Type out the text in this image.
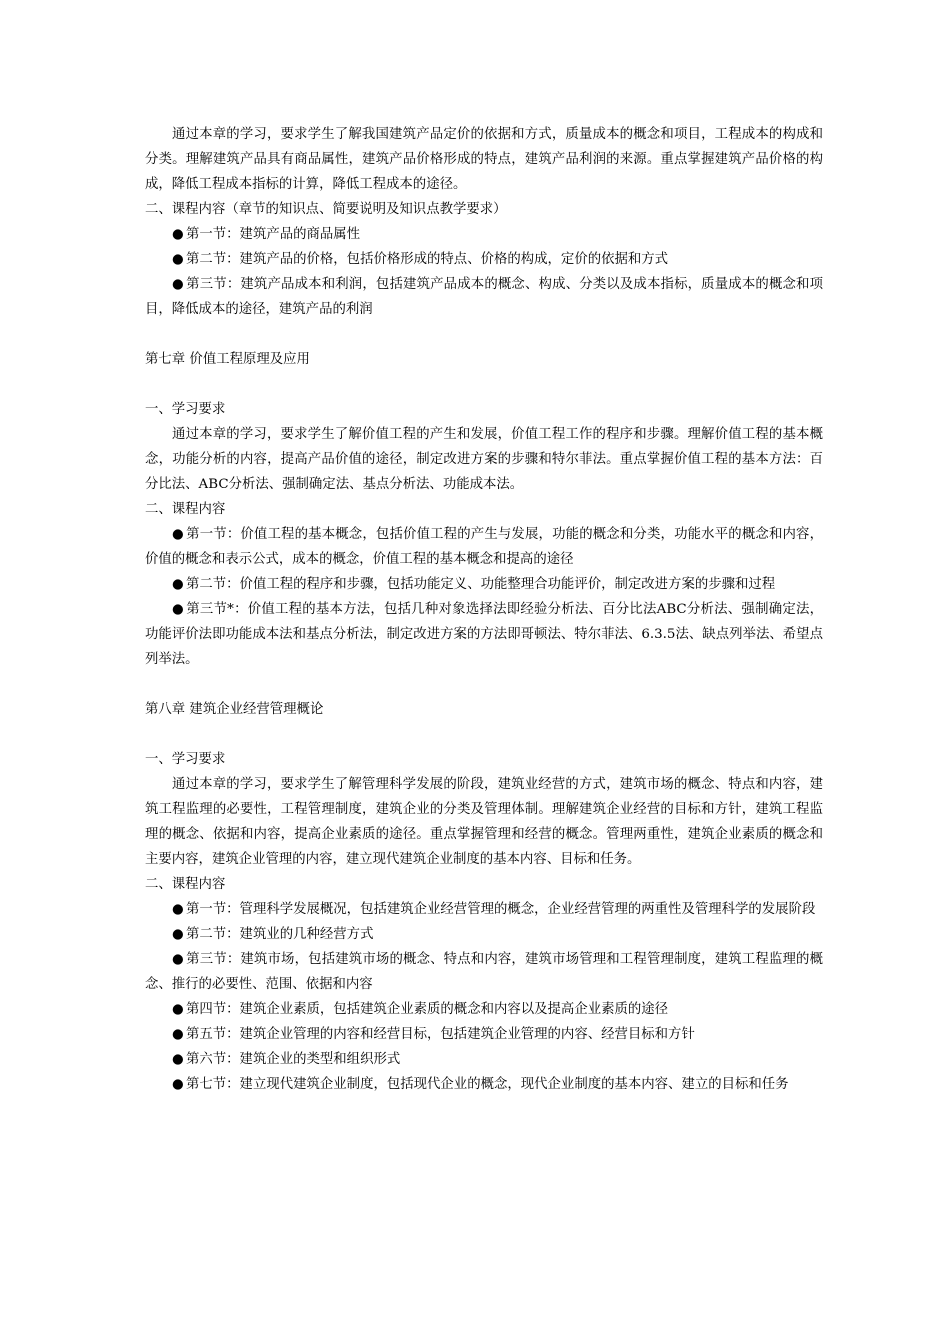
通过本章的学习，要求学生了解我国建筑产品定价的依据和方式，质量成本的概念和项目，工程成本的构成和分类。理解建筑产品具有商品属性，建筑产品价格形成的特点，建筑产品利润的来源。重点掌握建筑产品价格的构成，降低工程成本指标的计算，降低工程成本的途径。

二、课程内容（章节的知识点、简要说明及知识点教学要求）

● 第一节：建筑产品的商品属性

● 第二节：建筑产品的价格，包括价格形成的特点、价格的构成，定价的依据和方式

● 第三节：建筑产品成本和利润，包括建筑产品成本的概念、构成、分类以及成本指标，质量成本的概念和项目，降低成本的途径，建筑产品的利润

第七章 价值工程原理及应用

一、学习要求

通过本章的学习，要求学生了解价值工程的产生和发展，价值工程工作的程序和步骤。理解价值工程的基本概念，功能分析的内容，提高产品价值的途径，制定改进方案的步骤和特尔菲法。重点掌握价值工程的基本方法：百分比法、ABC分析法、强制确定法、基点分析法、功能成本法。

二、课程内容

● 第一节：价值工程的基本概念，包括价值工程的产生与发展，功能的概念和分类，功能水平的概念和内容，价值的概念和表示公式，成本的概念，价值工程的基本概念和提高的途径

● 第二节：价值工程的程序和步骤，包括功能定义、功能整理合功能评价，制定改进方案的步骤和过程

● 第三节*：价值工程的基本方法，包括几种对象选择法即经验分析法、百分比法ABC分析法、强制确定法，功能评价法即功能成本法和基点分析法，制定改进方案的方法即哥顿法、特尔菲法、6.3.5法、缺点列举法、希望点列举法。

第八章 建筑企业经营管理概论

一、学习要求

通过本章的学习，要求学生了解管理科学发展的阶段，建筑业经营的方式，建筑市场的概念、特点和内容，建筑工程监理的必要性，工程管理制度，建筑企业的分类及管理体制。理解建筑企业经营的目标和方针，建筑工程监理的概念、依据和内容，提高企业素质的途径。重点掌握管理和经营的概念。管理两重性，建筑企业素质的概念和主要内容，建筑企业管理的内容，建立现代建筑企业制度的基本内容、目标和任务。

二、课程内容

● 第一节：管理科学发展概况，包括建筑企业经营管理的概念，企业经营管理的两重性及管理科学的发展阶段

● 第二节：建筑业的几种经营方式

● 第三节：建筑市场，包括建筑市场的概念、特点和内容，建筑市场管理和工程管理制度，建筑工程监理的概念、推行的必要性、范围、依据和内容

● 第四节：建筑企业素质，包括建筑企业素质的概念和内容以及提高企业素质的途径

● 第五节：建筑企业管理的内容和经营目标，包括建筑企业管理的内容、经营目标和方针

● 第六节：建筑企业的类型和组织形式

● 第七节：建立现代建筑企业制度，包括现代企业的概念，现代企业制度的基本内容、建立的目标和任务
